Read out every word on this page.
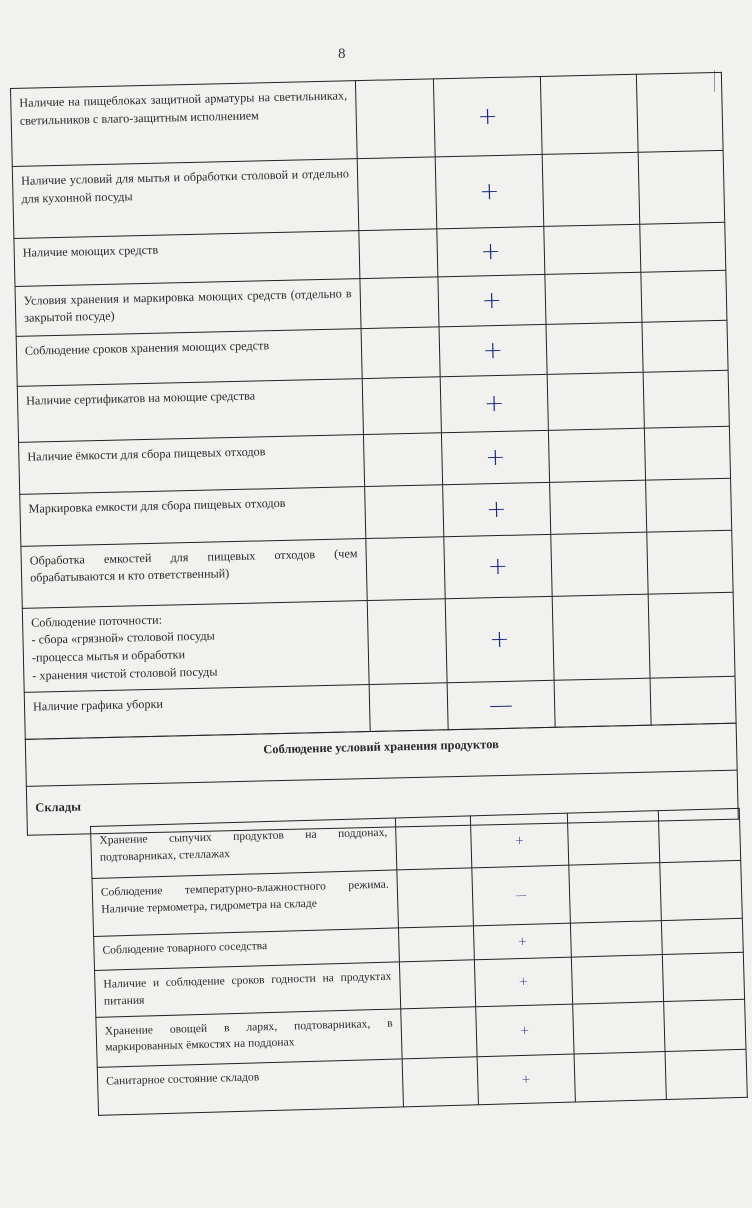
8
Наличие на пищеблоках защитной арматуры на светильниках, светильников с влаго-защитным исполнением		+		
Наличие условий для мытья и обработки столовой и отдельно для кухонной посуды		+		
Наличие моющих средств		+		
Условия хранения и маркировка моющих средств (отдельно в закрытой посуде)		+		
Соблюдение сроков хранения моющих средств		+		
Наличие сертификатов на моющие средства		+		
Наличие ёмкости для сбора пищевых отходов		+		
Маркировка емкости для сбора пищевых отходов		+		
Обработка емкостей для пищевых отходов (чем обрабатываются и кто ответственный)		+		
Соблюдение поточности:
- сбора «грязной» столовой посуды
-процесса мытья и обработки
- хранения чистой столовой посуды		+		
Наличие графика уборки		—		
Соблюдение условий хранения продуктов
Склады
Хранение сыпучих продуктов на поддонах, подтоварниках, стеллажах		+		
Соблюдение температурно-влажностного режима. Наличие термометра, гидрометра на складе		—		
Соблюдение товарного соседства		+		
Наличие и соблюдение сроков годности на продуктах питания		+		
Хранение овощей в ларях, подтоварниках, в маркированных ёмкостях на поддонах		+		
Санитарное состояние складов		+		
